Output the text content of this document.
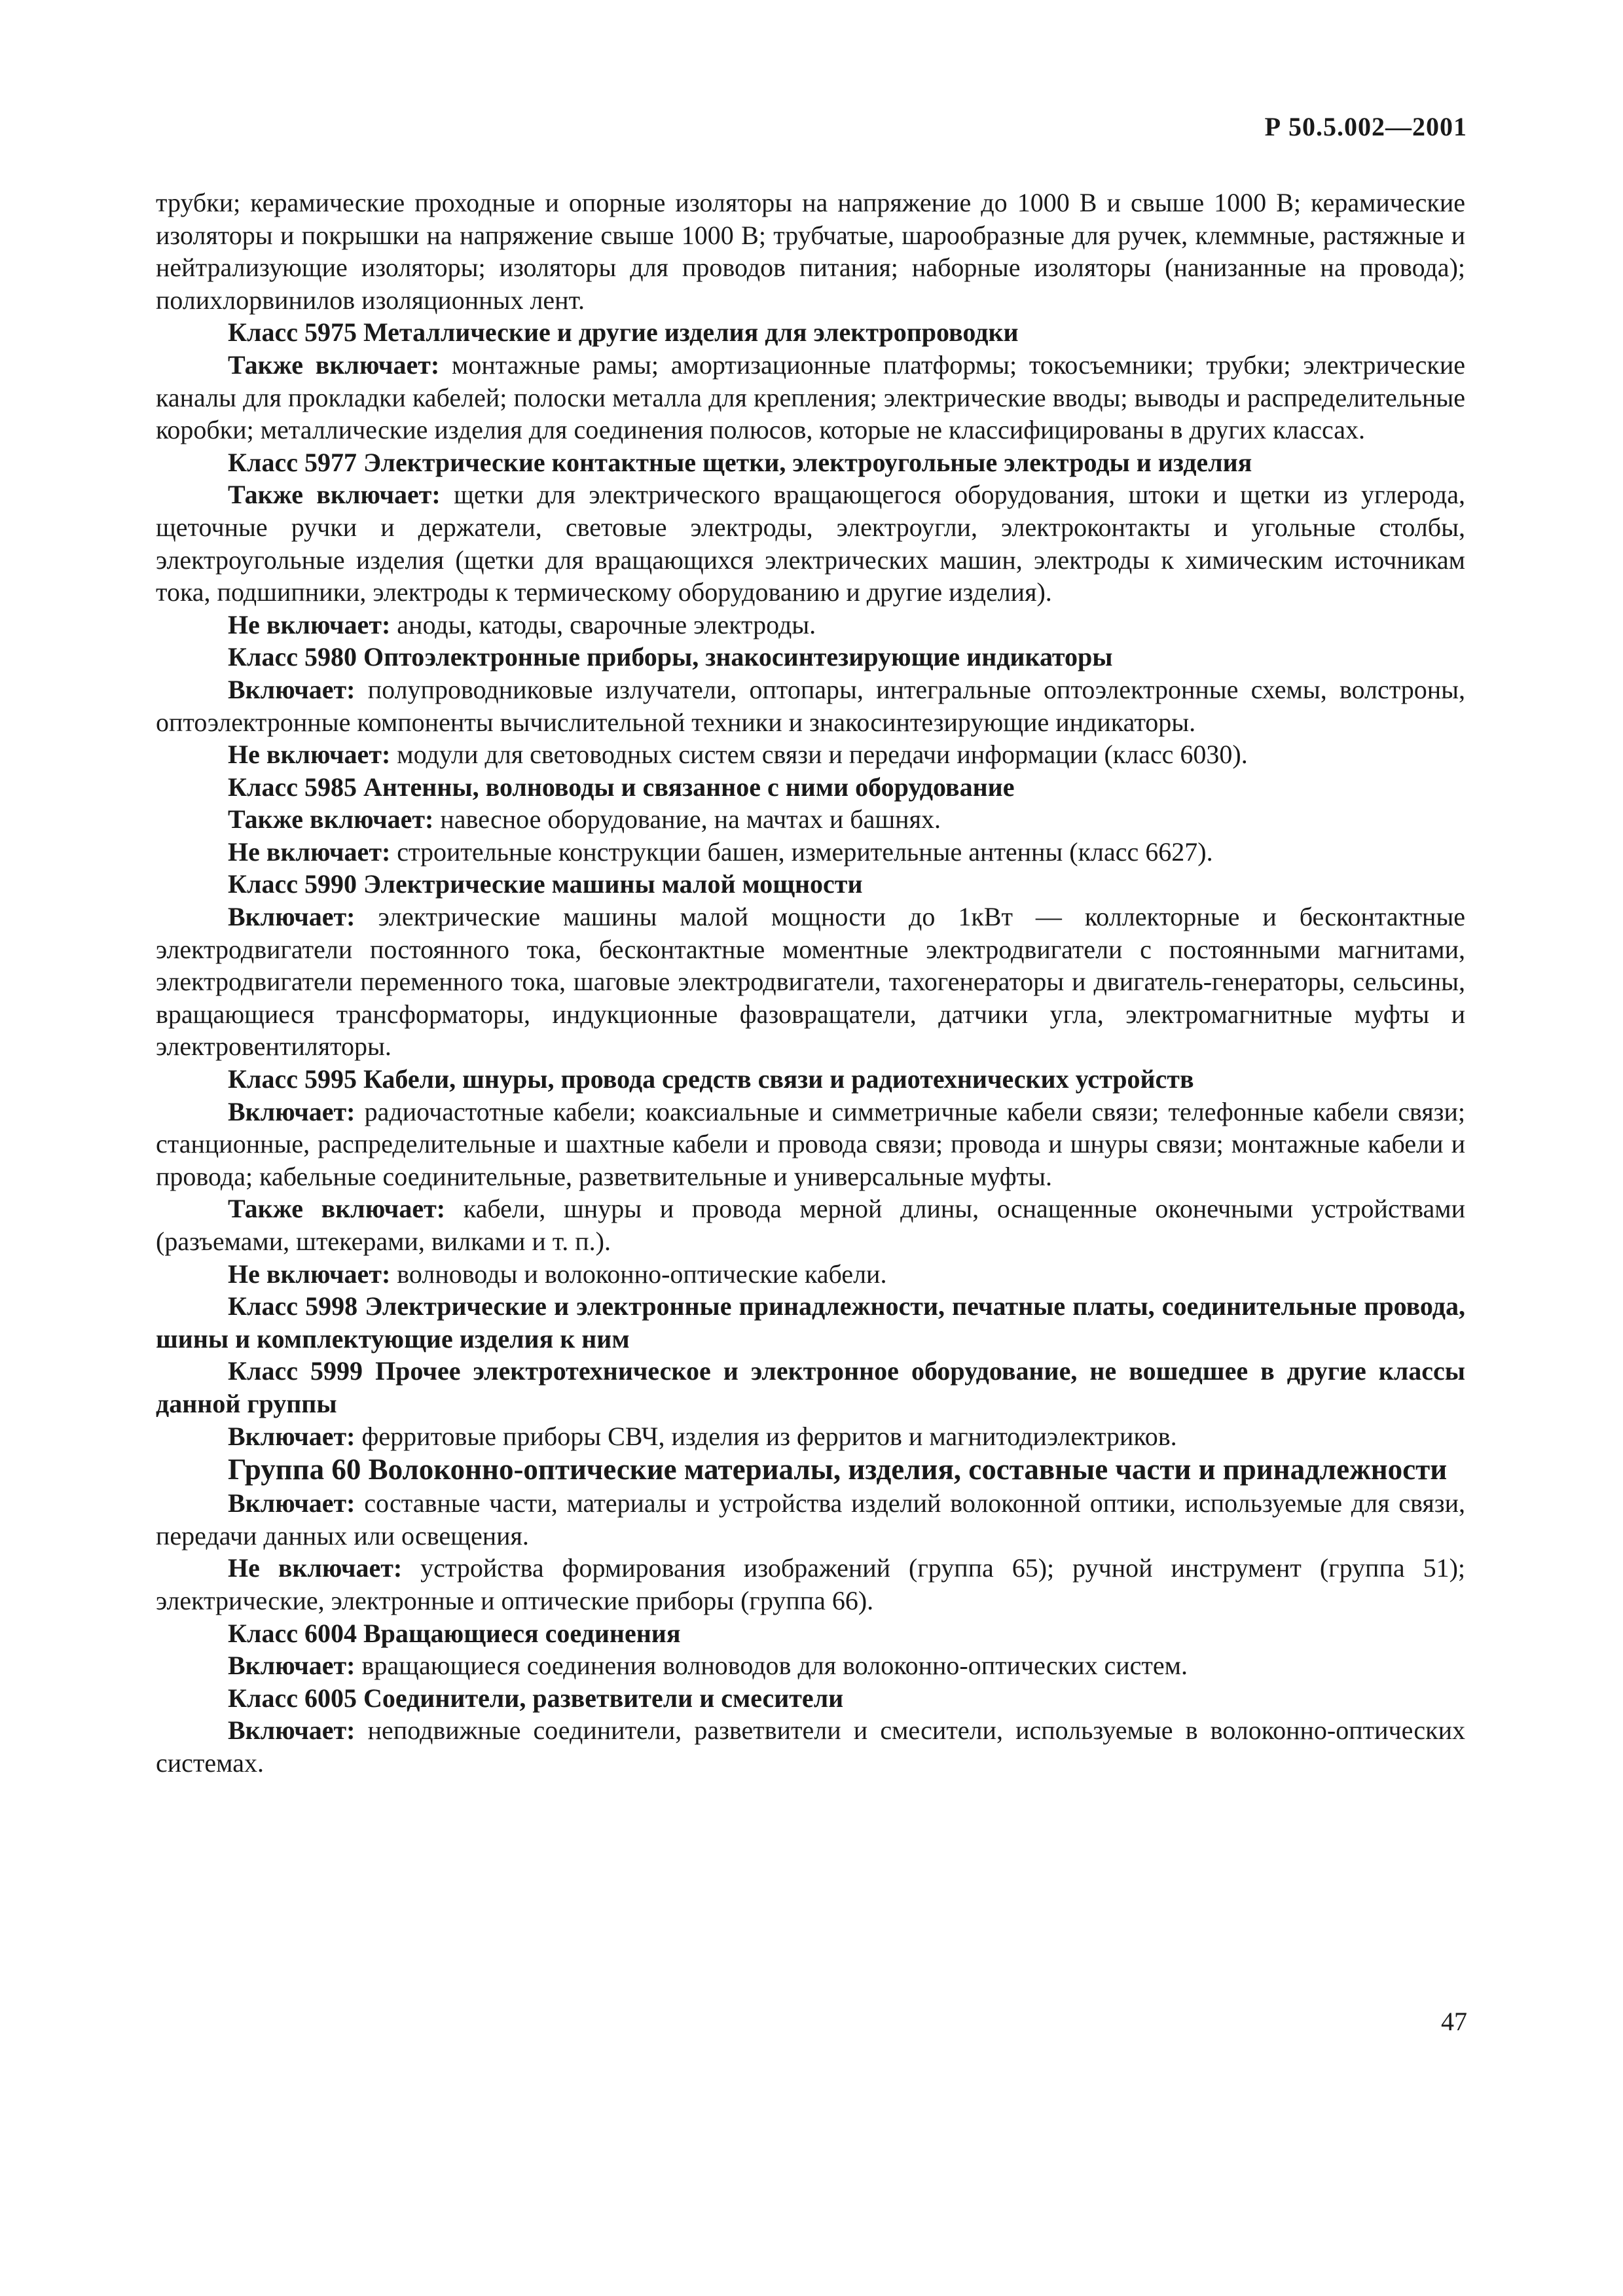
Р 50.5.002—2001

трубки; керамические проходные и опорные изоляторы на напряжение до 1000 В и свыше 1000 В; керамические изоляторы и покрышки на напряжение свыше 1000 В; трубчатые, шарообразные для ручек, клеммные, растяжные и нейтрализующие изоляторы; изоляторы для проводов питания; наборные изоляторы (нанизанные на провода); полихлорвинилов изоляционных лент.

Класс 5975 Металлические и другие изделия для электропроводки

Также включает: монтажные рамы; амортизационные платформы; токосъемники; трубки; электрические каналы для прокладки кабелей; полоски металла для крепления; электрические вводы; выводы и распределительные коробки; металлические изделия для соединения полюсов, которые не классифицированы в других классах.

Класс 5977 Электрические контактные щетки, электроугольные электроды и изделия

Также включает: щетки для электрического вращающегося оборудования, штоки и щетки из углерода, щеточные ручки и держатели, световые электроды, электроугли, электроконтакты и угольные столбы, электроугольные изделия (щетки для вращающихся электрических машин, электроды к химическим источникам тока, подшипники, электроды к термическому оборудованию и другие изделия).

Не включает: аноды, катоды, сварочные электроды.

Класс 5980 Оптоэлектронные приборы, знакосинтезирующие индикаторы

Включает: полупроводниковые излучатели, оптопары, интегральные оптоэлектронные схемы, волстроны, оптоэлектронные компоненты вычислительной техники и знакосинтезирующие индикаторы.

Не включает: модули для световодных систем связи и передачи информации (класс 6030).

Класс 5985 Антенны, волноводы и связанное с ними оборудование

Также включает: навесное оборудование, на мачтах и башнях.

Не включает: строительные конструкции башен, измерительные антенны (класс 6627).

Класс 5990 Электрические машины малой мощности

Включает: электрические машины малой мощности до 1кВт — коллекторные и бесконтактные электродвигатели постоянного тока, бесконтактные моментные электродвигатели с постоянными магнитами, электродвигатели переменного тока, шаговые электродвигатели, тахогенераторы и двигатель-генераторы, сельсины, вращающиеся трансформаторы, индукционные фазовращатели, датчики угла, электромагнитные муфты и электровентиляторы.

Класс 5995 Кабели, шнуры, провода средств связи и радиотехнических устройств

Включает: радиочастотные кабели; коаксиальные и симметричные кабели связи; телефонные кабели связи; станционные, распределительные и шахтные кабели и провода связи; провода и шнуры связи; монтажные кабели и провода; кабельные соединительные, разветвительные и универсальные муфты.

Также включает: кабели, шнуры и провода мерной длины, оснащенные оконечными устройствами (разъемами, штекерами, вилками и т. п.).

Не включает: волноводы и волоконно-оптические кабели.

Класс 5998 Электрические и электронные принадлежности, печатные платы, соединительные провода, шины и комплектующие изделия к ним

Класс 5999 Прочее электротехническое и электронное оборудование, не вошедшее в другие классы данной группы

Включает: ферритовые приборы СВЧ, изделия из ферритов и магнитодиэлектриков.

Группа 60 Волоконно-оптические материалы, изделия, составные части и принадлежности

Включает: составные части, материалы и устройства изделий волоконной оптики, используемые для связи, передачи данных или освещения.

Не включает: устройства формирования изображений (группа 65); ручной инструмент (группа 51); электрические, электронные и оптические приборы (группа 66).

Класс 6004 Вращающиеся соединения

Включает: вращающиеся соединения волноводов для волоконно-оптических систем.

Класс 6005 Соединители, разветвители и смесители

Включает: неподвижные соединители, разветвители и смесители, используемые в волоконно-оптических системах.

47
